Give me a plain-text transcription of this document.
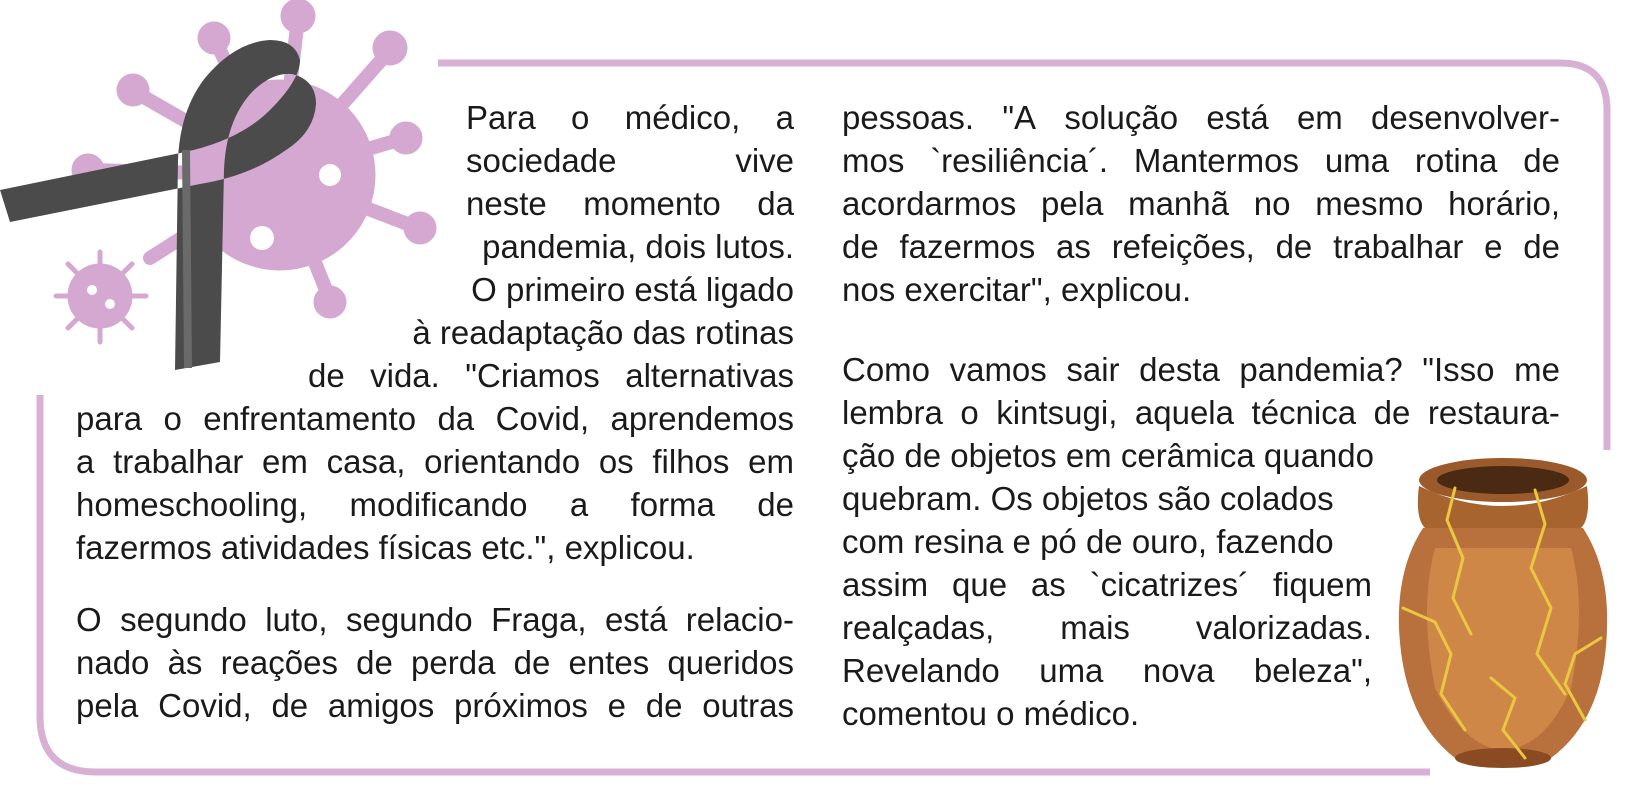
Para o médico, a
sociedade	vive
neste momento da
pandemia, dois lutos.
O primeiro está ligado
à readaptação das rotinas
de vida. "Criamos alternativas
para o enfrentamento da Covid, aprendemos
a trabalhar em casa, orientando os filhos em
homeschooling, modificando a forma de
fazermos atividades físicas etc.", explicou.
O segundo luto, segundo Fraga, está relacio-
nado às reações de perda de entes queridos
pela Covid, de amigos próximos e de outras
pessoas. "A solução está em desenvolver-
mos `resiliência´. Mantermos uma rotina de
acordarmos pela manhã no mesmo horário,
de fazermos as refeições, de trabalhar e de
nos exercitar", explicou.
Como vamos sair desta pandemia? "Isso me
lembra o kintsugi, aquela técnica de restaura-
ção de objetos em cerâmica quando
quebram. Os objetos são colados
com resina e pó de ouro, fazendo
assim que as `cicatrizes´ fiquem
realçadas, mais valorizadas.
Revelando uma nova beleza",
comentou o médico.
